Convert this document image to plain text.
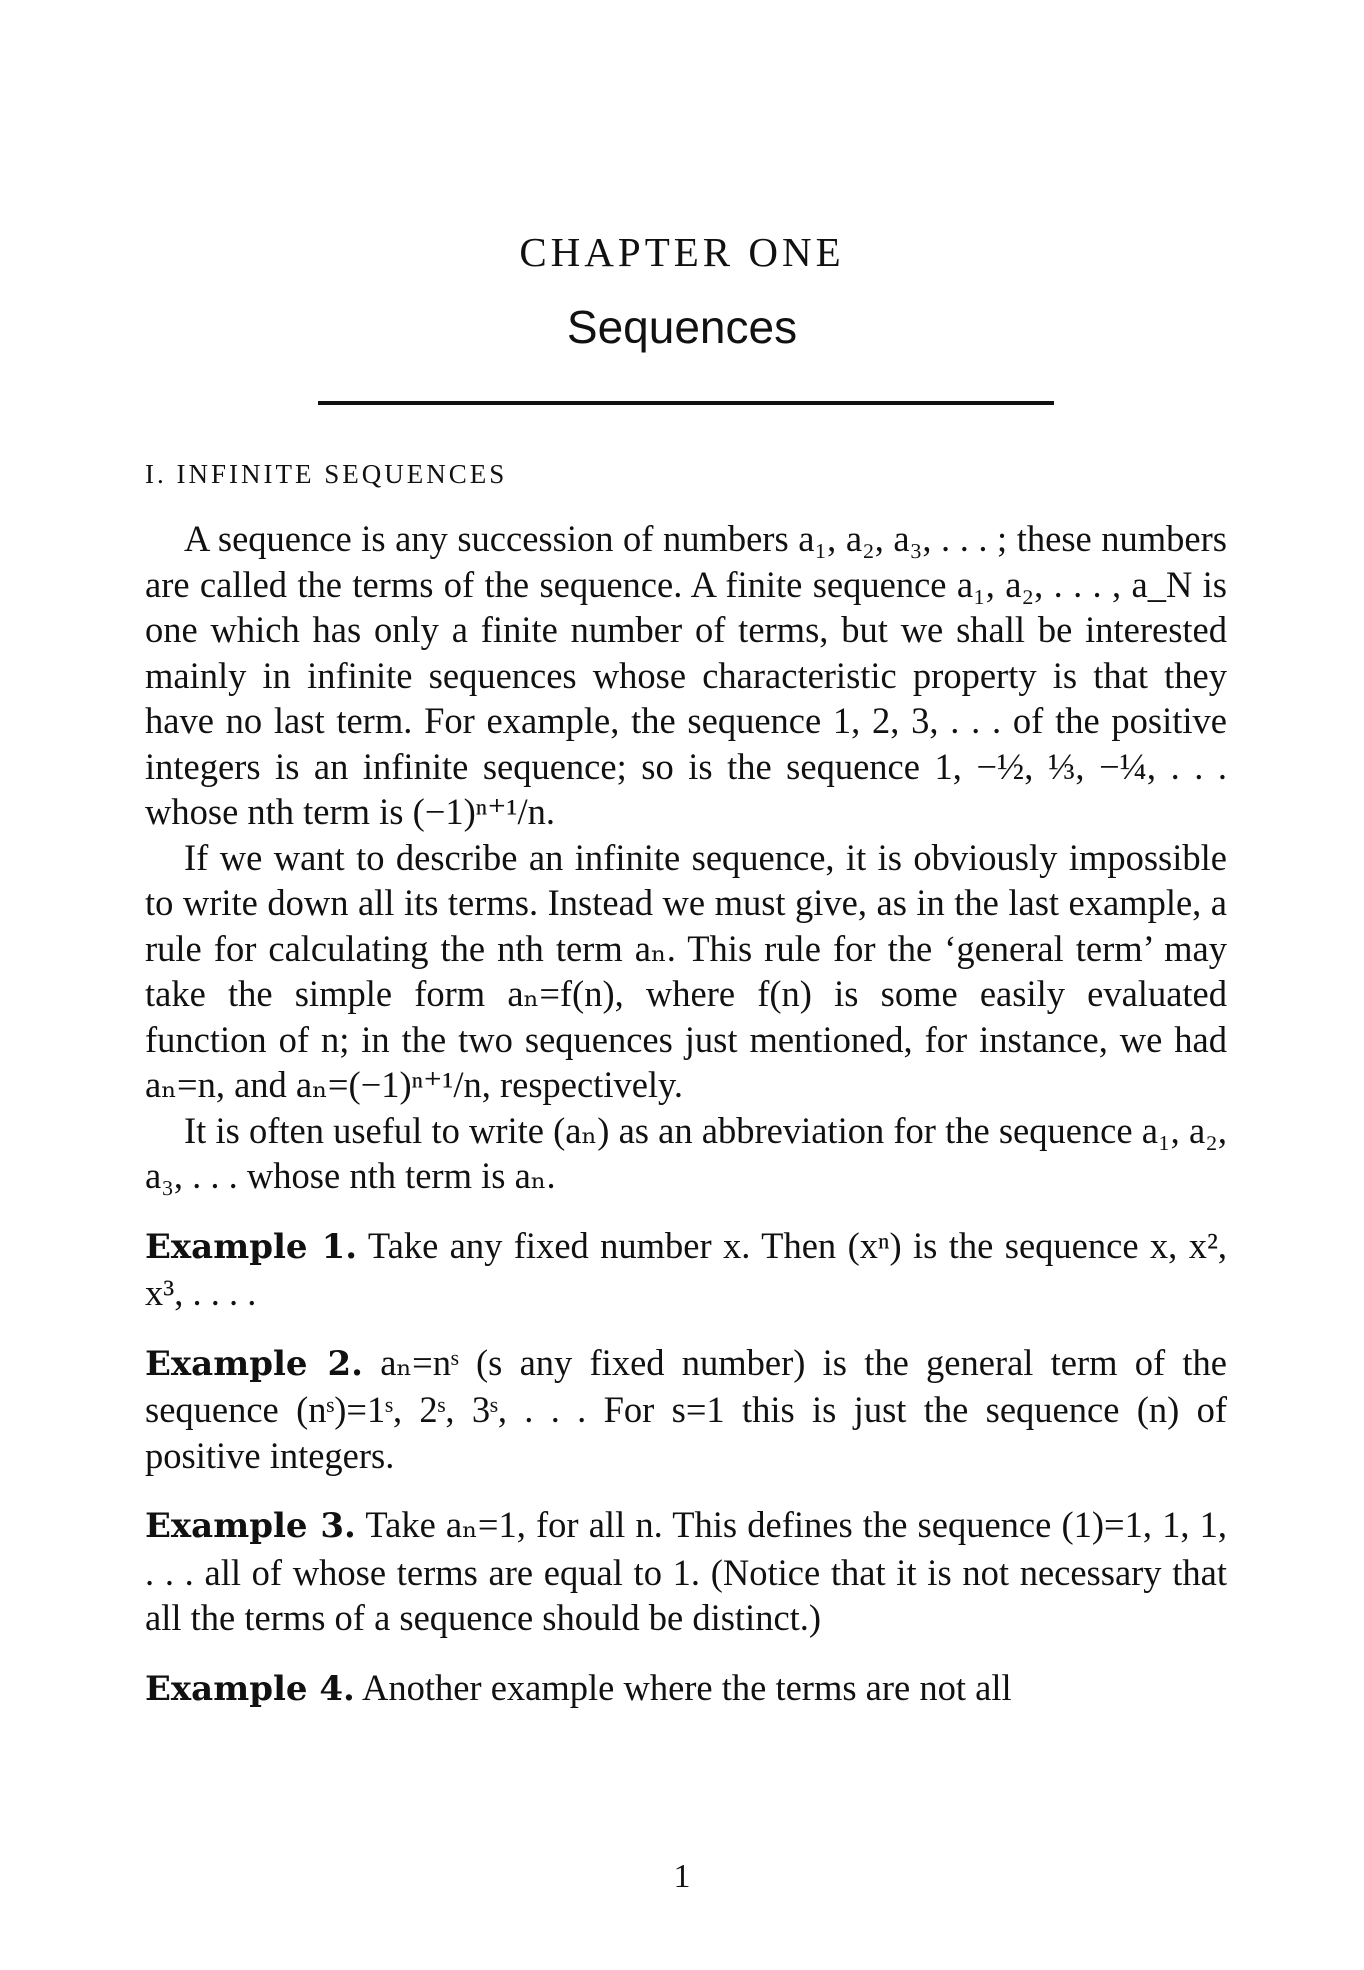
CHAPTER ONE
Sequences
I. INFINITE SEQUENCES

A sequence is any succession of numbers a₁, a₂, a₃, . . . ; these numbers are called the terms of the sequence. A finite sequence a₁, a₂, . . . , a_N is one which has only a finite number of terms, but we shall be interested mainly in infinite sequences whose characteristic property is that they have no last term. For example, the sequence 1, 2, 3, . . . of the positive integers is an infinite sequence; so is the sequence 1, −½, ⅓, −¼, . . . whose nth term is (−1)ⁿ⁺¹/n.

If we want to describe an infinite sequence, it is obviously impossible to write down all its terms. Instead we must give, as in the last example, a rule for calculating the nth term aₙ. This rule for the ‘general term’ may take the simple form aₙ=f(n), where f(n) is some easily evaluated function of n; in the two sequences just mentioned, for instance, we had aₙ=n, and aₙ=(−1)ⁿ⁺¹/n, respectively.

It is often useful to write (aₙ) as an abbreviation for the sequence a₁, a₂, a₃, . . . whose nth term is aₙ.

Example 1. Take any fixed number x. Then (xⁿ) is the sequence x, x², x³, . . . .

Example 2. aₙ=nˢ (s any fixed number) is the general term of the sequence (nˢ)=1ˢ, 2ˢ, 3ˢ, . . . For s=1 this is just the sequence (n) of positive integers.

Example 3. Take aₙ=1, for all n. This defines the sequence (1)=1, 1, 1, . . . all of whose terms are equal to 1. (Notice that it is not necessary that all the terms of a sequence should be distinct.)

Example 4. Another example where the terms are not all

1
